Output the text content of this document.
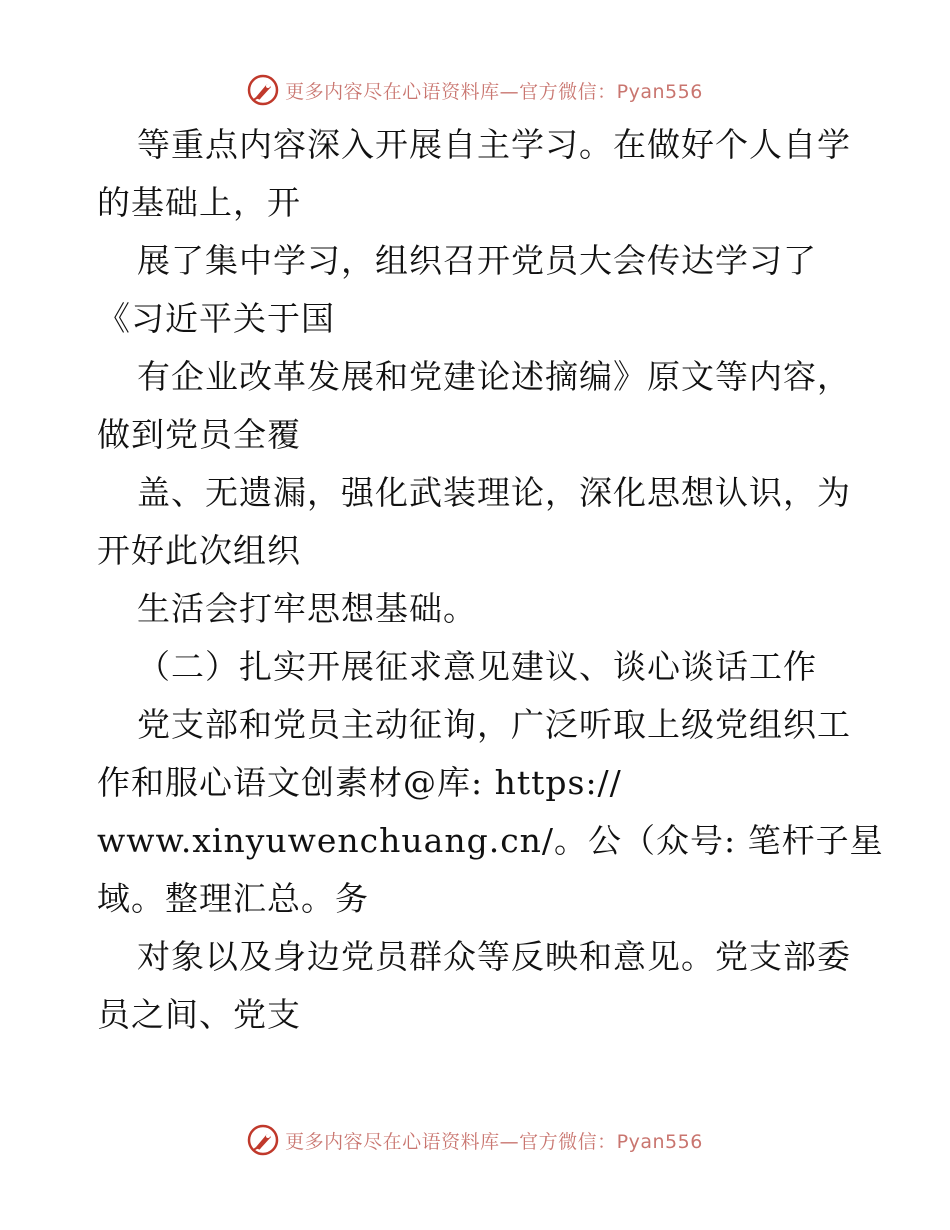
更多内容尽在心语资料库—官方微信：Pyan556
等重点内容深入开展自主学习。在做好个人自学
的基础上，开
展了集中学习，组织召开党员大会传达学习了
《习近平关于国
有企业改革发展和党建论述摘编》原文等内容，
做到党员全覆
盖、无遗漏，强化武装理论，深化思想认识，为
开好此次组织
生活会打牢思想基础。
（二）扎实开展征求意见建议、谈心谈话工作
党支部和党员主动征询，广泛听取上级党组织工
作和服心语文创素材@库: https://
www.xinyuwenchuang.cn/。公（众号: 笔杆子星
域。整理汇总。务
对象以及身边党员群众等反映和意见。党支部委
员之间、党支
更多内容尽在心语资料库—官方微信：Pyan556
